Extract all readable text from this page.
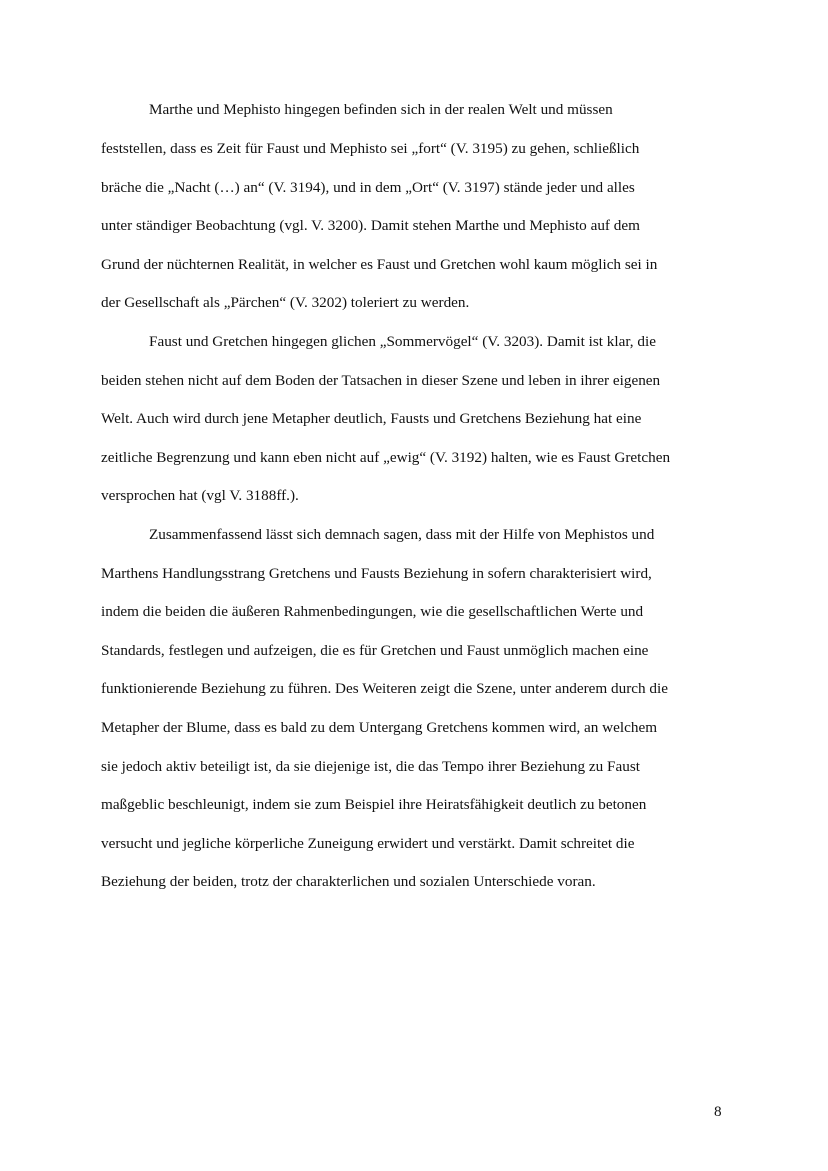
Marthe und Mephisto hingegen befinden sich in der realen Welt und müssen

feststellen, dass es Zeit für Faust und Mephisto sei „fort“ (V. 3195) zu gehen, schließlich

bräche die „Nacht (…) an“ (V. 3194), und in dem „Ort“ (V. 3197) stände jeder und alles

unter ständiger Beobachtung (vgl. V. 3200). Damit stehen Marthe und Mephisto auf dem

Grund der nüchternen Realität, in welcher es Faust und Gretchen wohl kaum möglich sei in

der Gesellschaft als „Pärchen“ (V. 3202) toleriert zu werden.

Faust und Gretchen hingegen glichen „Sommervögel“ (V. 3203). Damit ist klar, die

beiden stehen nicht auf dem Boden der Tatsachen in dieser Szene und leben in ihrer eigenen

Welt. Auch wird durch jene Metapher deutlich, Fausts und Gretchens Beziehung hat eine

zeitliche Begrenzung und kann eben nicht auf „ewig“ (V. 3192) halten, wie es Faust Gretchen

versprochen hat (vgl V. 3188ff.).

Zusammenfassend lässt sich demnach sagen, dass mit der Hilfe von Mephistos und

Marthens Handlungsstrang Gretchens und Fausts Beziehung in sofern charakterisiert wird,

indem die beiden die äußeren Rahmenbedingungen, wie die gesellschaftlichen Werte und

Standards, festlegen und aufzeigen, die es für Gretchen und Faust unmöglich machen eine

funktionierende Beziehung zu führen. Des Weiteren zeigt die Szene, unter anderem durch die

Metapher der Blume, dass es bald zu dem Untergang Gretchens kommen wird, an welchem

sie jedoch aktiv beteiligt ist, da sie diejenige ist, die das Tempo ihrer Beziehung zu Faust

maßgeblic beschleunigt, indem sie zum Beispiel ihre Heiratsfähigkeit deutlich zu betonen

versucht und jegliche körperliche Zuneigung erwidert und verstärkt. Damit schreitet die

Beziehung der beiden, trotz der charakterlichen und sozialen Unterschiede voran.

8
